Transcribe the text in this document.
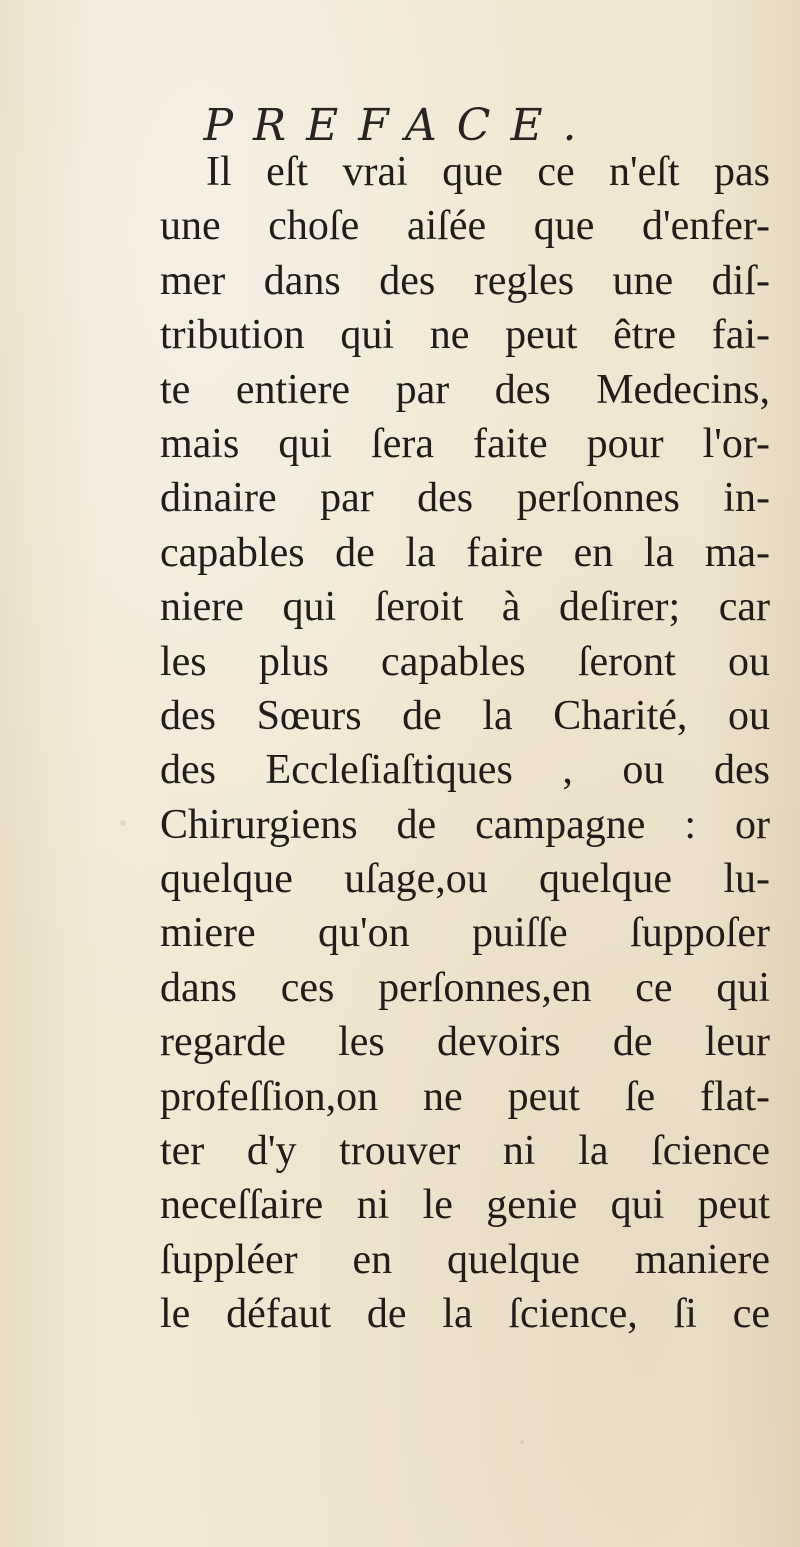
PREFACE.
Il eſt vrai que ce n'eſt pas
une choſe aiſée que d'enfer-
mer dans des regles une diſ-
tribution qui ne peut être fai-
te entiere par des Medecins,
mais qui ſera faite pour l'or-
dinaire par des perſonnes in-
capables de la faire en la ma-
niere qui ſeroit à deſirer; car
les plus capables ſeront ou
des Sœurs de la Charité, ou
des Eccleſiaſtiques , ou des
Chirurgiens de campagne : or
quelque uſage,ou quelque lu-
miere qu'on puiſſe ſuppoſer
dans ces perſonnes,en ce qui
regarde les devoirs de leur
profeſſion,on ne peut ſe flat-
ter d'y trouver ni la ſcience
neceſſaire ni le genie qui peut
ſuppléer en quelque maniere
le défaut de la ſcience, ſi ce
